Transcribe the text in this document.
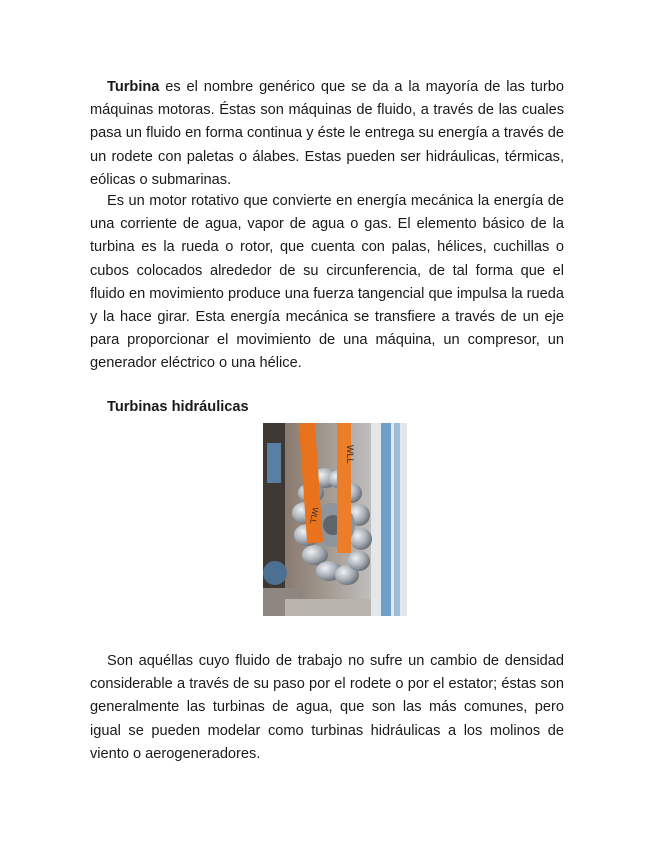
Turbina es el nombre genérico que se da a la mayoría de las turbo máquinas motoras. Éstas son máquinas de fluido, a través de las cuales pasa un fluido en forma continua y éste le entrega su energía a través de un rodete con paletas o álabes. Estas pueden ser hidráulicas, térmicas, eólicas o submarinas.
Es un motor rotativo que convierte en energía mecánica la energía de una corriente de agua, vapor de agua o gas. El elemento básico de la turbina es la rueda o rotor, que cuenta con palas, hélices, cuchillas o cubos colocados alrededor de su circunferencia, de tal forma que el fluido en movimiento produce una fuerza tangencial que impulsa la rueda y la hace girar. Esta energía mecánica se transfiere a través de un eje para proporcionar el movimiento de una máquina, un compresor, un generador eléctrico o una hélice.
Turbinas hidráulicas
WLL
WLL
Son aquéllas cuyo fluido de trabajo no sufre un cambio de densidad considerable a través de su paso por el rodete o por el estator; éstas son generalmente las turbinas de agua, que son las más comunes, pero igual se pueden modelar como turbinas hidráulicas a los molinos de viento o aerogeneradores.
